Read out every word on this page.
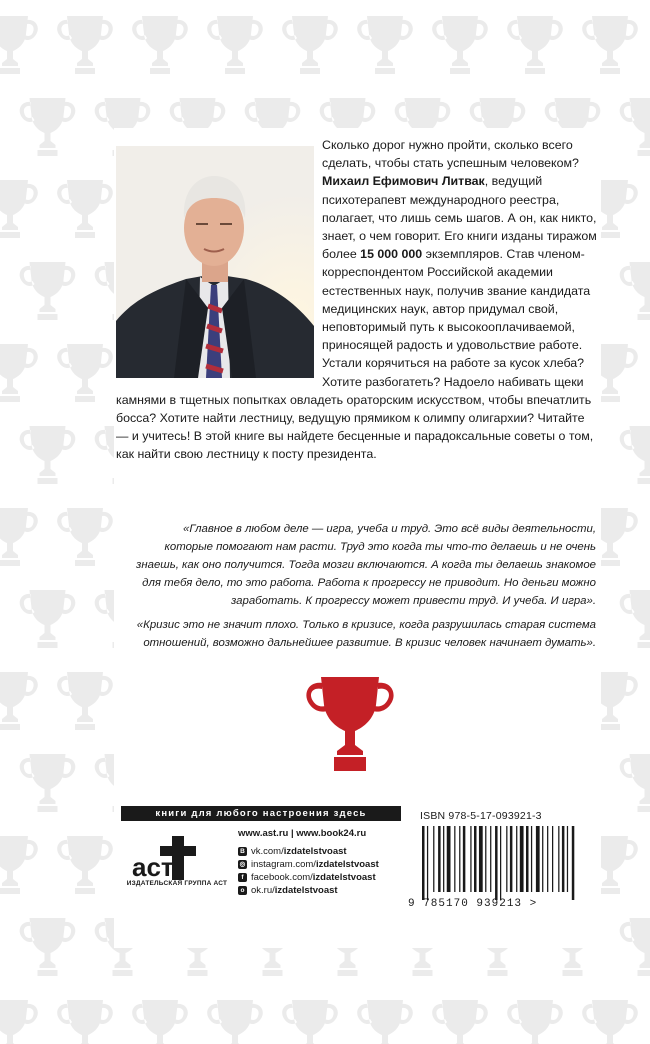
Сколько дорог нужно пройти, сколько всего сделать, чтобы стать успешным человеком? Михаил Ефимович Литвак, ведущий психотерапевт международного реестра, полагает, что лишь семь шагов. А он, как никто, знает, о чем говорит. Его книги изданы тиражом более 15 000 000 экземпляров. Став членом-корреспондентом Российской академии естественных наук, получив звание кандидата медицинских наук, автор придумал свой, неповторимый путь к высокооплачиваемой, приносящей радость и удовольствие работе. Устали корячиться на работе за кусок хлеба? Хотите разбогатеть? Надоело набивать щеки камнями в тщетных попытках овладеть ораторским искусством, чтобы впечатлить босса? Хотите найти лестницу, ведущую прямиком к олимпу олигархии? Читайте — и учитесь! В этой книге вы найдете бесценные и парадоксальные советы о том, как найти свою лестницу к посту президента.
«Главное в любом деле — игра, учеба и труд. Это всё виды деятельности, которые помогают нам расти. Труд это когда ты что-то делаешь и не очень знаешь, как оно получится. Тогда мозги включаются. А когда ты делаешь знакомое для тебя дело, то это работа. Работа к прогрессу не приводит. Но деньги можно заработать. К прогрессу может привести труд. И учеба. И игра».
«Кризис это не значит плохо. Только в кризисе, когда разрушилась старая система отношений, возможно дальнейшее развитие. В кризис человек начинает думать».
книги для любого настроения здесь
аст
ИЗДАТЕЛЬСКАЯ ГРУППА АСТ
www.ast.ru | www.book24.ru
В vk.com/ izdatelstvoast
◎ instagram.com/ izdatelstvoast
f facebook.com/ izdatelstvoast
о ok.ru/ izdatelstvoast
ISBN 978-5-17-093921-3
9 785170 939213 >
